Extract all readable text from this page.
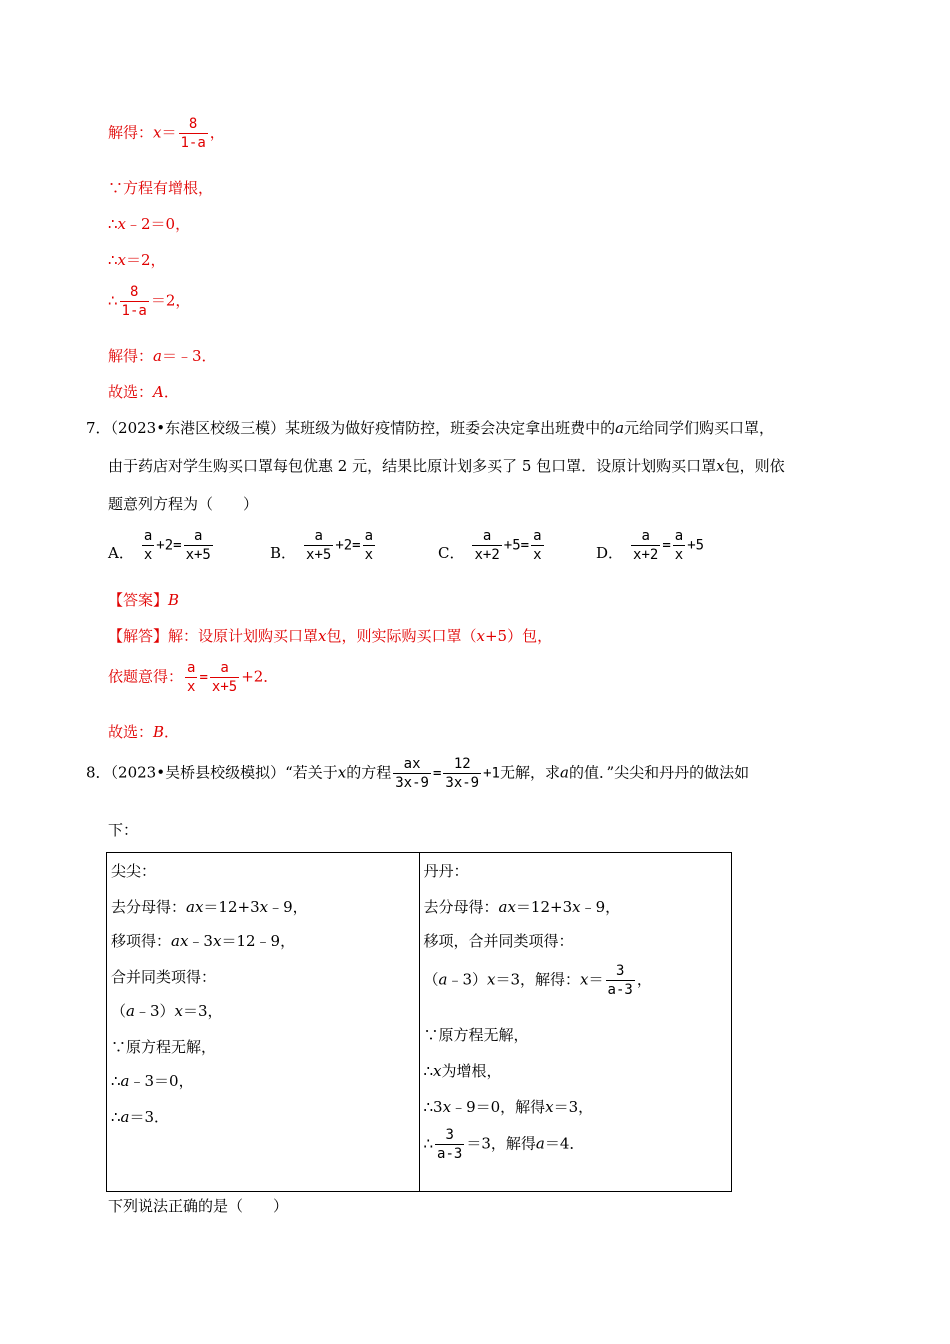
解得：$x= \frac{8}{1-a}$ ，
∵方程有增根，
∴x﹣2＝0，
∴x＝2，
∴ $\frac{8}{1-a} =2$，
解得：a＝﹣3．
故选：A．
7．（2023•东港区校级三模）某班级为做好疫情防控，班委会决定拿出班费中的a元给同学们购买口罩，
由于药店对学生购买口罩每包优惠 2 元，结果比原计划多买了 5 包口罩．设原计划购买口罩x包，则依
题意列方程为（　　）
A． $\frac{a}{x} +2= \frac{a}{x+5}$	B． $\frac{a}{x+5} +2= \frac{a}{x}$	C． $\frac{a}{x+2} +5= \frac{a}{x}$	D． $\frac{a}{x+2} = \frac{a}{x} +5$
【答案】B
【解答】解：设原计划购买口罩x包，则实际购买口罩（x+5）包，
依题意得： $\frac{a}{x} = \frac{a}{x+5} +2$．
故选：B．
8．（2023•吴桥县校级模拟）“若关于x的方程 $\frac{ax}{3x-9} = \frac{12}{3x-9} +1$无解，求a的值．”尖尖和丹丹的做法如
下：
尖尖：
去分母得：ax＝12+3x﹣9，
移项得：ax﹣3x＝12﹣9，
合并同类项得：
（a﹣3）x＝3，
∵原方程无解，
∴a﹣3＝0，
∴a＝3．

丹丹：
去分母得：ax＝12+3x﹣9，
移项，合并同类项得：
（a﹣3）x＝3，解得：$x= \frac{3}{a-3}$ ，
∵原方程无解，
∴x为增根，
∴3x﹣9＝0，解得x＝3，
∴ $\frac{3}{a-3} =3$，解得a＝4．
下列说法正确的是（　　）
